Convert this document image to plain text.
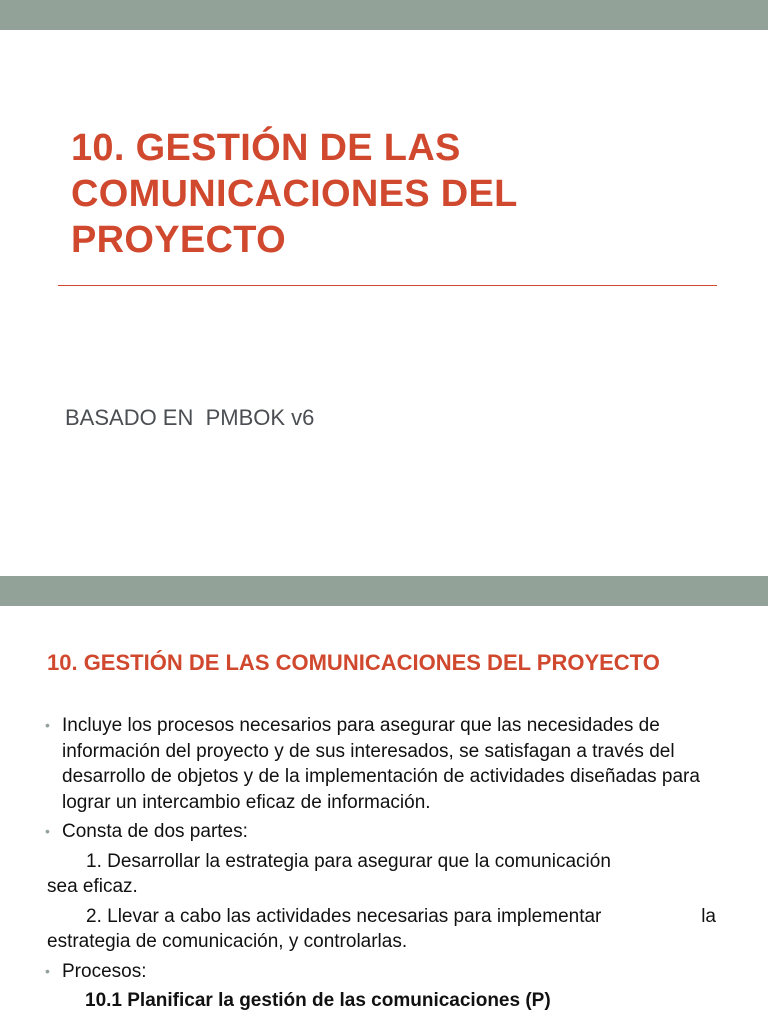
10. GESTIÓN DE LAS
COMUNICACIONES DEL
PROYECTO

BASADO EN  PMBOK v6

10. GESTIÓN DE LAS COMUNICACIONES DEL PROYECTO
• Incluye los procesos necesarios para asegurar que las necesidades de información del proyecto y de sus interesados, se satisfagan a través del desarrollo de objetos y de la implementación de actividades diseñadas para lograr un intercambio eficaz de información.
• Consta de dos partes:
1. Desarrollar la estrategia para asegurar que la comunicación
sea eficaz.
2. Llevar a cabo las actividades necesarias para implementar	la
estrategia de comunicación, y controlarlas.
• Procesos:
10.1 Planificar la gestión de las comunicaciones (P)
